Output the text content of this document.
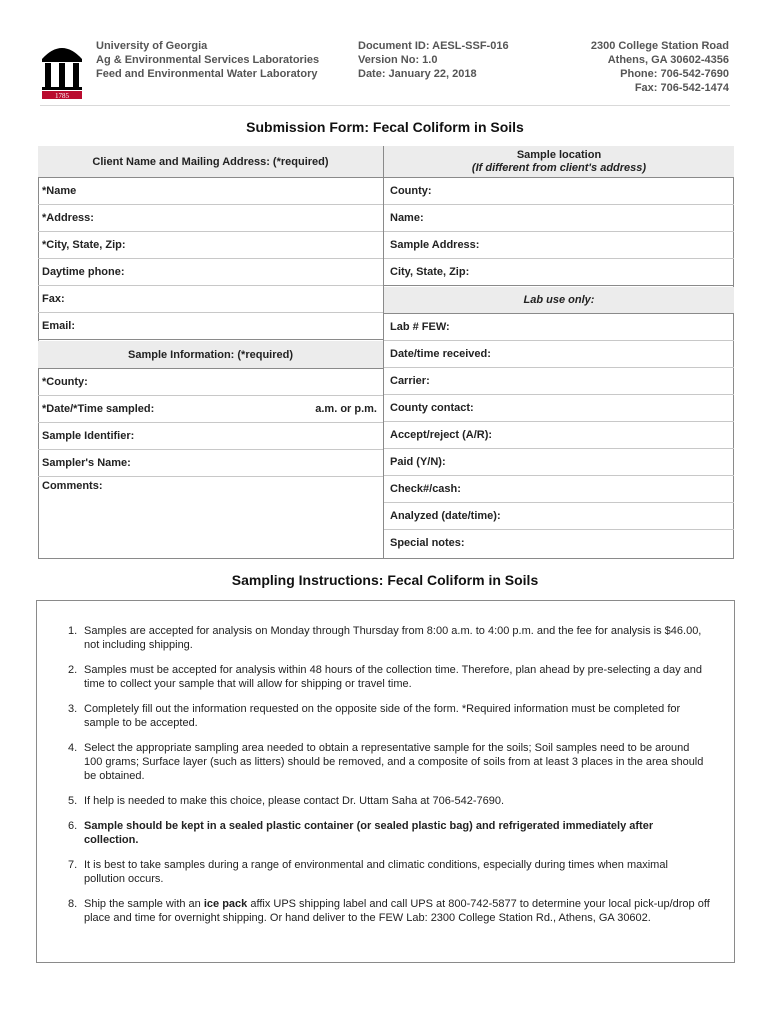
1785
University of Georgia
Ag & Environmental Services Laboratories
Feed and Environmental Water Laboratory
Document ID: AESL-SSF-016
Version No: 1.0
Date: January 22, 2018
2300 College Station Road
Athens, GA 30602-4356
Phone: 706-542-7690
Fax: 706-542-1474
Submission Form: Fecal Coliform in Soils
Client Name and Mailing Address: (*required)
*Name
*Address:
*City, State, Zip:
Daytime phone:
Fax:
Email:
Sample Information: (*required)
*County:
*Date/*Time sampled:	a.m. or p.m.
Sample Identifier:
Sampler's Name:
Comments:
Sample location
(If different from client's address)
County:
Name:
Sample Address:
City, State, Zip:
Lab use only:
Lab # FEW:
Date/time received:
Carrier:
County contact:
Accept/reject (A/R):
Paid (Y/N):
Check#/cash:
Analyzed (date/time):
Special notes:
Sampling Instructions: Fecal Coliform in Soils
1. Samples are accepted for analysis on Monday through Thursday from 8:00 a.m. to 4:00 p.m. and the fee for analysis is $46.00, not including shipping.
2. Samples must be accepted for analysis within 48 hours of the collection time. Therefore, plan ahead by pre-selecting a day and time to collect your sample that will allow for shipping or travel time.
3. Completely fill out the information requested on the opposite side of the form. *Required information must be completed for sample to be accepted.
4. Select the appropriate sampling area needed to obtain a representative sample for the soils; Soil samples need to be around 100 grams; Surface layer (such as litters) should be removed, and a composite of soils from at least 3 places in the area should be obtained.
5. If help is needed to make this choice, please contact Dr. Uttam Saha at 706-542-7690.
6. Sample should be kept in a sealed plastic container (or sealed plastic bag) and refrigerated immediately after collection.
7. It is best to take samples during a range of environmental and climatic conditions, especially during times when maximal pollution occurs.
8. Ship the sample with an ice pack affix UPS shipping label and call UPS at 800-742-5877 to determine your local pick-up/drop off place and time for overnight shipping. Or hand deliver to the FEW Lab: 2300 College Station Rd., Athens, GA 30602.
